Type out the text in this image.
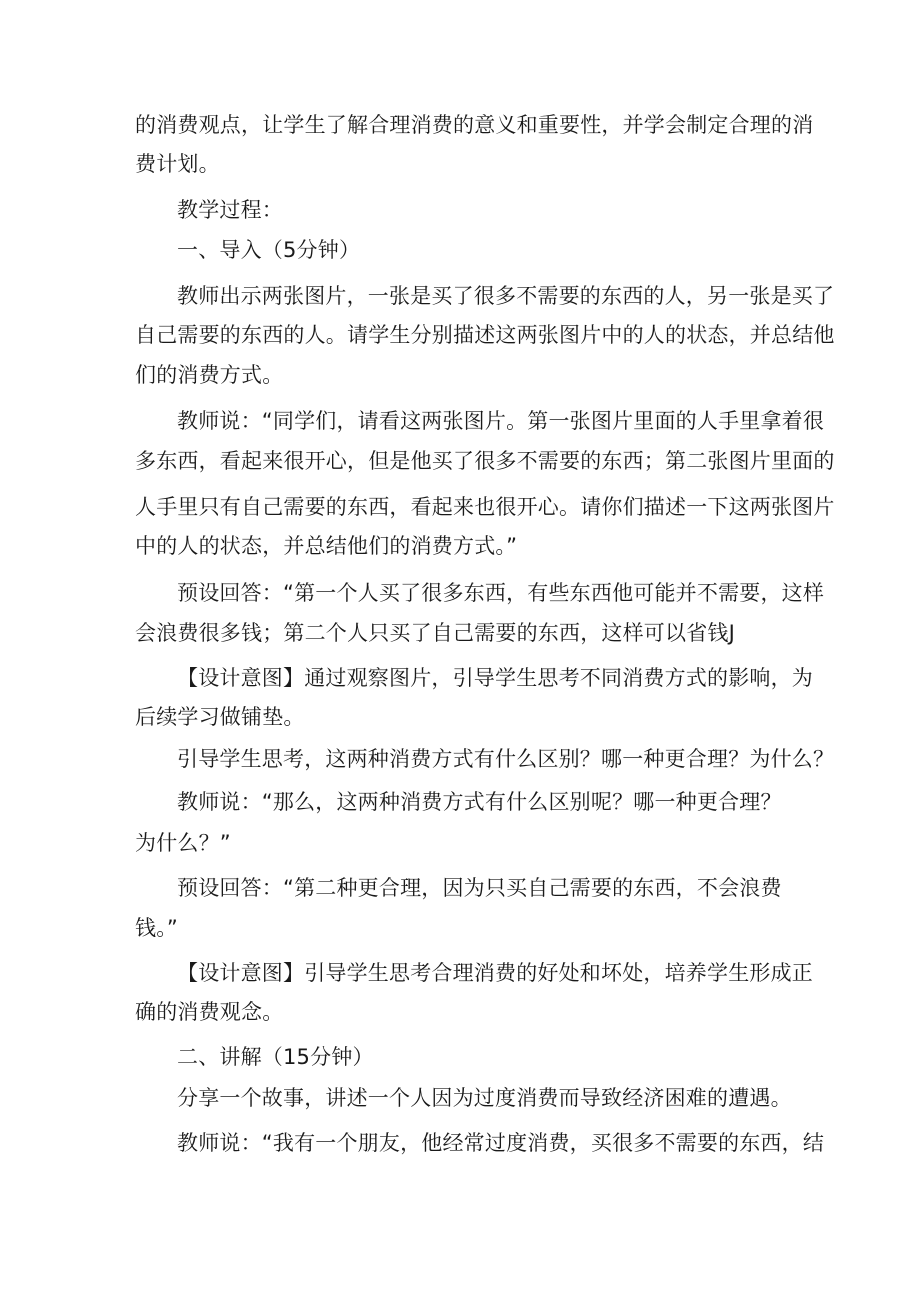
的消费观点，让学生了解合理消费的意义和重要性，并学会制定合理的消
费计划。
教学过程：
一、导入（5分钟）
教师出示两张图片，一张是买了很多不需要的东西的人，另一张是买了
自己需要的东西的人。请学生分别描述这两张图片中的人的状态，并总结他
们的消费方式。
教师说：“同学们，请看这两张图片。第一张图片里面的人手里拿着很
多东西，看起来很开心，但是他买了很多不需要的东西；第二张图片里面的
人手里只有自己需要的东西，看起来也很开心。请你们描述一下这两张图片
中的人的状态，并总结他们的消费方式。”
预设回答：“第一个人买了很多东西，有些东西他可能并不需要，这样
会浪费很多钱；第二个人只买了自己需要的东西，这样可以省钱J
【设计意图】通过观察图片，引导学生思考不同消费方式的影响，为
后续学习做铺垫。
引导学生思考，这两种消费方式有什么区别？哪一种更合理？为什么？
教师说：“那么，这两种消费方式有什么区别呢？哪一种更合理？
为什么？”
预设回答：“第二种更合理，因为只买自己需要的东西，不会浪费
钱。”
【设计意图】引导学生思考合理消费的好处和坏处，培养学生形成正
确的消费观念。
二、讲解（15分钟）
分享一个故事，讲述一个人因为过度消费而导致经济困难的遭遇。
教师说：“我有一个朋友，他经常过度消费，买很多不需要的东西，结
